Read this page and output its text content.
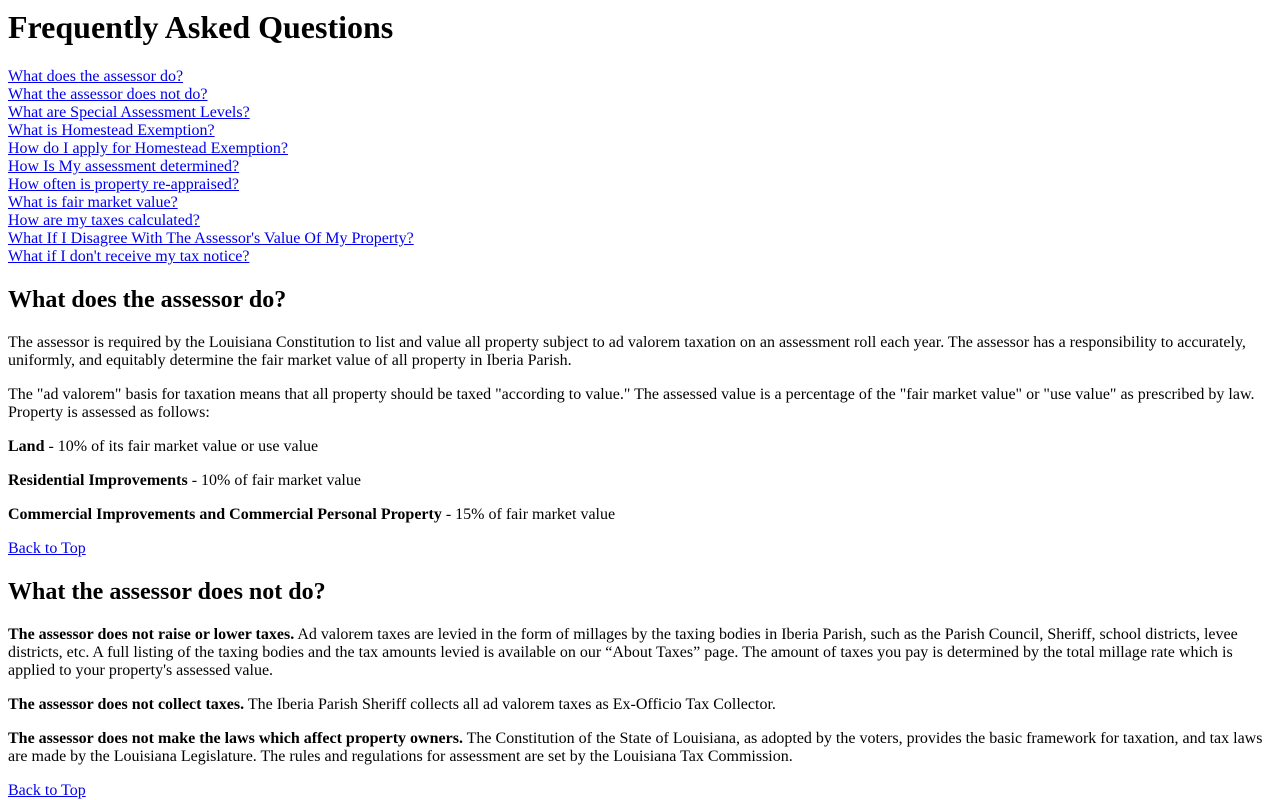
Frequently Asked Questions
What does the assessor do?
What the assessor does not do?
What are Special Assessment Levels?
What is Homestead Exemption?
How do I apply for Homestead Exemption?
How Is My assessment determined?
How often is property re-appraised?
What is fair market value?
How are my taxes calculated?
What If I Disagree With The Assessor's Value Of My Property?
What if I don't receive my tax notice?
What does the assessor do?

The assessor is required by the Louisiana Constitution to list and value all property subject to ad valorem taxation on an assessment roll each year. The assessor has a responsibility to accurately, uniformly, and equitably determine the fair market value of all property in Iberia Parish.

The "ad valorem" basis for taxation means that all property should be taxed "according to value." The assessed value is a percentage of the "fair market value" or "use value" as prescribed by law. Property is assessed as follows:

Land - 10% of its fair market value or use value

Residential Improvements - 10% of fair market value

Commercial Improvements and Commercial Personal Property - 15% of fair market value

Back to Top

What the assessor does not do?

The assessor does not raise or lower taxes. Ad valorem taxes are levied in the form of millages by the taxing bodies in Iberia Parish, such as the Parish Council, Sheriff, school districts, levee districts, etc. A full listing of the taxing bodies and the tax amounts levied is available on our “About Taxes” page. The amount of taxes you pay is determined by the total millage rate which is applied to your property's assessed value.

The assessor does not collect taxes. The Iberia Parish Sheriff collects all ad valorem taxes as Ex-Officio Tax Collector.

The assessor does not make the laws which affect property owners. The Constitution of the State of Louisiana, as adopted by the voters, provides the basic framework for taxation, and tax laws are made by the Louisiana Legislature. The rules and regulations for assessment are set by the Louisiana Tax Commission.

Back to Top
